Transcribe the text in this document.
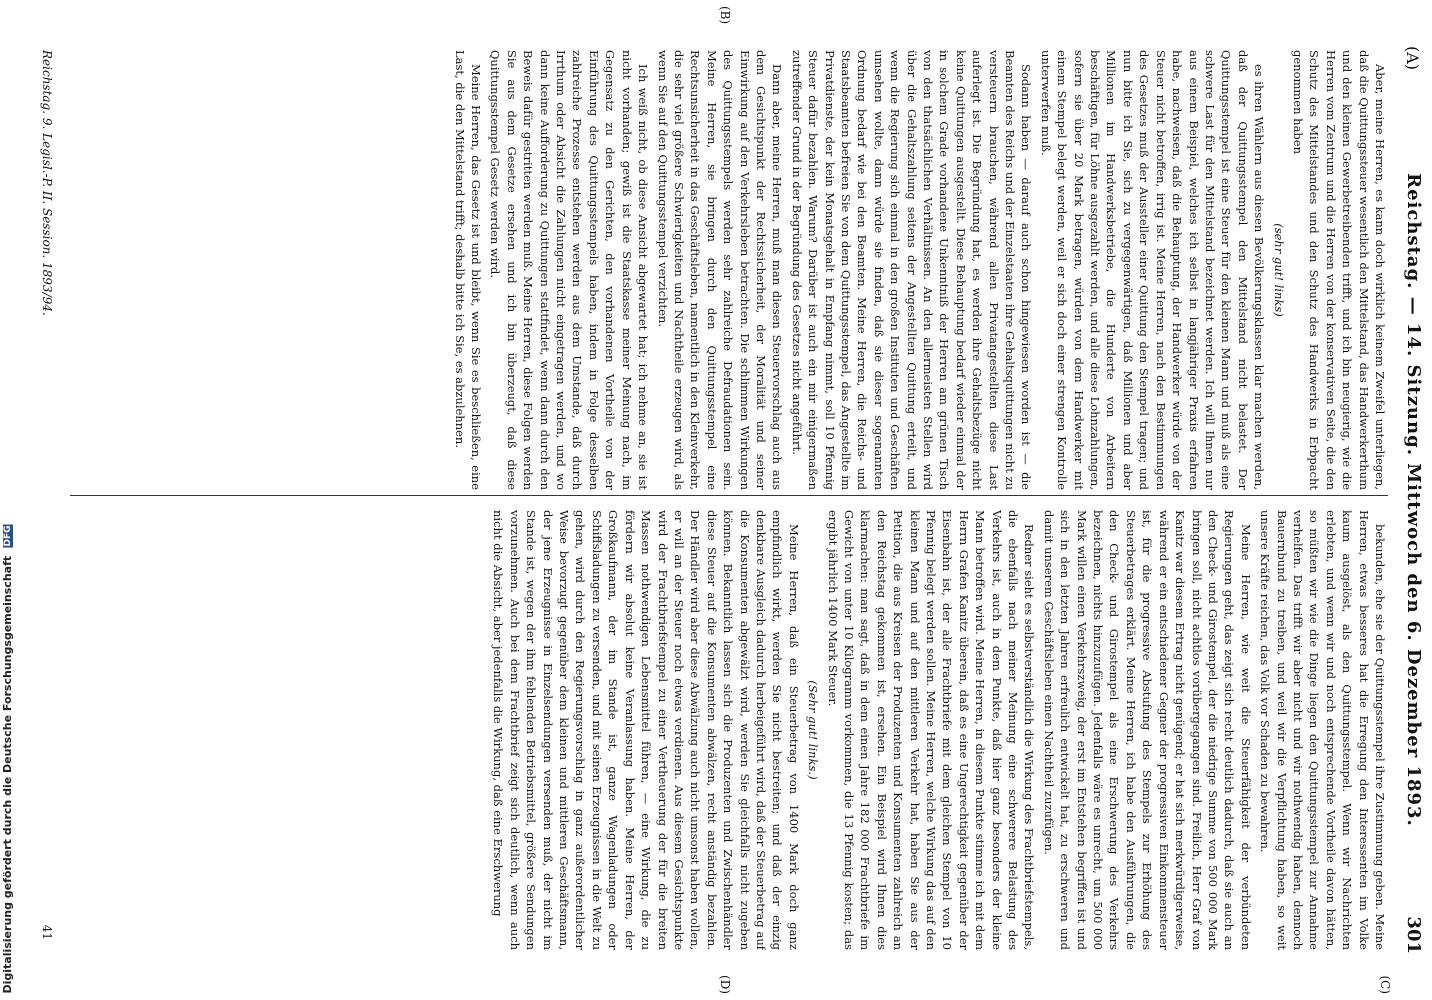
(A)
Reichstag. — 14. Sitzung. Mittwoch den 6. Dezember 1893.
301

Aber, meine Herren, es kann doch wirklich keinem Zweifel unterliegen, daß die Quittungssteuer wesentlich den Mittelstand, das Handwerkerthum und den kleinen Gewerbetreibenden trifft, und ich bin neugierig, wie die Herren vom Zentrum und die Herren von der konservativen Seite, die den Schutz des Mittelstandes und den Schutz des Handwerks in Erbpacht genommen haben

(sehr gut! links)

es ihren Wählern aus diesen Bevölkerungsklassen klar machen werden, daß der Quittungsstempel den Mittelstand nicht belastet. Der Quittungsstempel ist eine Steuer für den kleinen Mann und muß als eine schwere Last für den Mittelstand bezeichnet werden. Ich will Ihnen nur aus einem Beispiel, welches ich selbst in langjähriger Praxis erfahren habe, nachweisen, daß die Behauptung, der Handwerker würde von der Steuer nicht betroffen, irrig ist. Meine Herren, nach den Bestimmungen des Gesetzes muß der Aussteller einer Quittung den Stempel tragen; und nun bitte ich Sie, sich zu vergegenwärtigen, daß Millionen und aber Millionen im Handwerksbetriebe, die Hunderte von Arbeitern beschäftigen, für Löhne ausgezahlt werden, und alle diese Lohnzahlungen, sofern sie über 20 Mark betragen, würden von dem Handwerker mit einem Stempel belegt werden, weil er sich doch einer strengen Kontrolle unterwerfen muß.

Sodann haben — darauf auch schon hingewiesen worden ist — die Beamten des Reichs und der Einzelstaaten ihre Gehaltsquittungen nicht zu versteuern brauchen, während allen Privatangestellten diese Last auferlegt ist. Die Begründung hat, es werden ihre Gehaltsbezüge nicht keine Quittungen ausgestellt. Diese Behauptung bedarf wieder einmal der in solchem Grade vorhandene Unkenntniß der Herren am grünen Tisch von den thatsächlichen Verhältnissen. An den allermeisten Stellen wird über die Gehaltszahlung seitens der Angestellten Quittung erteilt, und wenn die Regierung sich einmal in den großen Instituten und Geschäften umsehen wollte, dann würde sie finden, daß sie dieser sogenannten Ordnung bedarf wie bei den Beamten. Meine Herren, die Reichs- und Staatsbeamten befreien Sie von dem Quittungsstempel, das Angestellte im Privatdienste, der kein Monatsgehalt in Empfang nimmt, soll 10 Pfennig Steuer dafür bezahlen. Warum? Darüber ist auch ein mir einigermaßen zutreffender Grund in der Begründung des Gesetzes nicht angeführt.

Dann aber, meine Herren, muß man diesen Steuervorschlag auch aus dem Gesichtspunkt der Rechtssicherheit, der Moralität und seiner Einwirkung auf den Verkehrsleben betrachten. Die schlimmen Wirkungen des Quittungsstempels werden sehr zahlreiche Defraudationen sein. Meine Herren, sie bringen durch den Quittungsstempel eine Rechtsunsicherheit in das Geschäftsleben, namentlich in den Kleinverkehr, die sehr viel größere Schwierigkeiten und Nachtheile erzeugen wird, als wenn Sie auf den Quittungsstempel verzichten.

Ich weiß nicht, ob diese Ansicht abgewartet hat; ich nehme an, sie ist nicht vorhanden; gewiß ist die Staatskasse meiner Meinung nach, im Gegensatz zu den Gerichten, den vorhandenen Vortheile von der Einführung des Quittungsstempels haben, indem in Folge desselben zahlreiche Prozesse entstehen werden aus dem Umstande, daß durch Irrthum oder Absicht die Zahlungen nicht eingetragen werden, und wo dann keine Aufforderung zu Quittungen stattfindet, wenn dann durch den Beweis dafür gestritten werden muß. Meine Herren, diese Folgen werden Sie aus dem Gesetze ersehen und ich bin überzeugt, daß diese Quittungsstempel Gesetz werden wird.

Meine Herren, das Gesetz ist und bleibt, wenn Sie es beschließen, eine Last, die den Mittelstand trifft; deshalb bitte ich Sie, es abzulehnen.

bekunden, ehe sie der Quittungsstempel ihre Zustimmung geben. Meine Herren, etwas besseres hat die Erregung den Interessenten im Volke kaum ausgelöst, als den Quittungsstempel. Wenn wir Nachrichten erlebten, und wenn wir und noch entsprechende Vortheile davon hätten, so müßten wir wie die Dinge liegen den Quittungsstempel zur Annahme verhelfen. Das trifft wir aber nicht und wir nothwendig haben, dennoch Bauernbund zu treiben, und weil wir die Verpflichtung haben, so weit unsere Kräfte reichen, das Volk vor Schaden zu bewahren.

Meine Herren, wie weit die Steuerfähigkeit der verbündeten Regierungen geht, das zeigt sich recht deutlich dadurch, daß sie auch an den Check- und Girostempel, der die niedrige Summe von 500 000 Mark bringen soll, nicht achtlos vorübergegangen sind. Freilich, Herr Graf von Kanitz war diesem Ertrag nicht genügend; er hat sich merkwürdigerweise, während er ein entschiedener Gegner der progressiven Einkommensteuer ist, für die progressive Abstufung des Stempels zur Erhöhung des Steuerbetrages erklärt. Meine Herren, ich habe den Ausführungen, die den Check- und Girostempel als eine Erschwerung des Verkehrs bezeichnen, nichts hinzuzufügen. Jedenfalls wäre es unrecht, um 500 000 Mark willen einen Verkehrszweig, der erst im Entstehen begriffen ist und sich in den letzten Jahren erfreulich entwickelt hat, zu erschweren und damit unserem Geschäftsleben einen Nachtheil zuzufügen.

Redner sieht es selbstverständlich die Wirkung des Frachtbriefstempels, die ebenfalls nach meiner Meinung eine schwerere Belastung des Verkehrs ist, auch in dem Punkte, daß hier ganz besonders der kleine Mann betroffen wird. Meine Herren, in diesem Punkte stimme ich mit dem Herrn Grafen Kanitz überein, daß es eine Ungerechtigkeit gegenüber der Eisenbahn ist, der alle Frachtbriefe mit dem gleichen Stempel von 10 Pfennig belegt werden sollen. Meine Herren, welche Wirkung das auf den kleinen Mann und auf den mittleren Verkehr hat, haben Sie aus der Petition, die aus Kreisen der Produzenten und Konsumenten zahlreich an den Reichstag gekommen ist, ersehen. Ein Beispiel wird Ihnen dies klarmachen: man sagt, daß in dem einen Jahre 182 000 Frachtbriefe im Gewicht von unter 10 Kilogramm vorkommen, die 13 Pfennig kosten; das ergibt jährlich 1400 Mark Steuer.

(Sehr gut! links.)

Meine Herren, daß ein Steuerbetrag von 1400 Mark doch ganz empfindlich wirkt, werden Sie nicht bestreiten; und daß der einzig denkbare Ausgleich dadurch herbeigeführt wird, daß der Steuerbetrag auf die Konsumenten abgewälzt wird, werden Sie gleichfalls nicht zugeben können. Bekanntlich lassen sich die Produzenten und Zwischenhändler diese Steuer auf die Konsumenten abwälzen, recht anständig bezahlen. Der Händler wird aber diese Abwälzung auch nicht umsonst haben wollen, er will an der Steuer noch etwas verdienen. Aus diesem Gesichtspunkte wird der Frachtbriefstempel zu einer Vertheuerung der für die breiten Massen nothwendigen Lebensmittel führen, — eine Wirkung, die zu fördern wir absolut keine Veranlassung haben. Meine Herren, der Großkaufmann, der im Stande ist, ganze Wagenladungen oder Schiffsladungen zu versenden, und mit seinen Erzeugnissen in die Welt zu gehen, wird durch den Regierungsvorschlag in ganz außerordentlicher Weise bevorzugt gegenüber dem kleinen und mittleren Geschäftsmann, der jene Erzeugnisse in Einzelsendungen versenden muß, der nicht im Stande ist, wegen der ihm fehlenden Betriebsmittel, größere Sendungen vorzunehmen. Auch bei dem Frachtbrief zeigt sich deutlich, wenn auch nicht die Absicht, aber jedenfalls die Wirkung, daß eine Erschwerung

(B)
(C)
(D)
Reichstag. 9. Legisl.-P. II. Session. 1893/94.
41
Digitalisierung gefördert durch die Deutsche Forschungsgemeinschaft DFG
